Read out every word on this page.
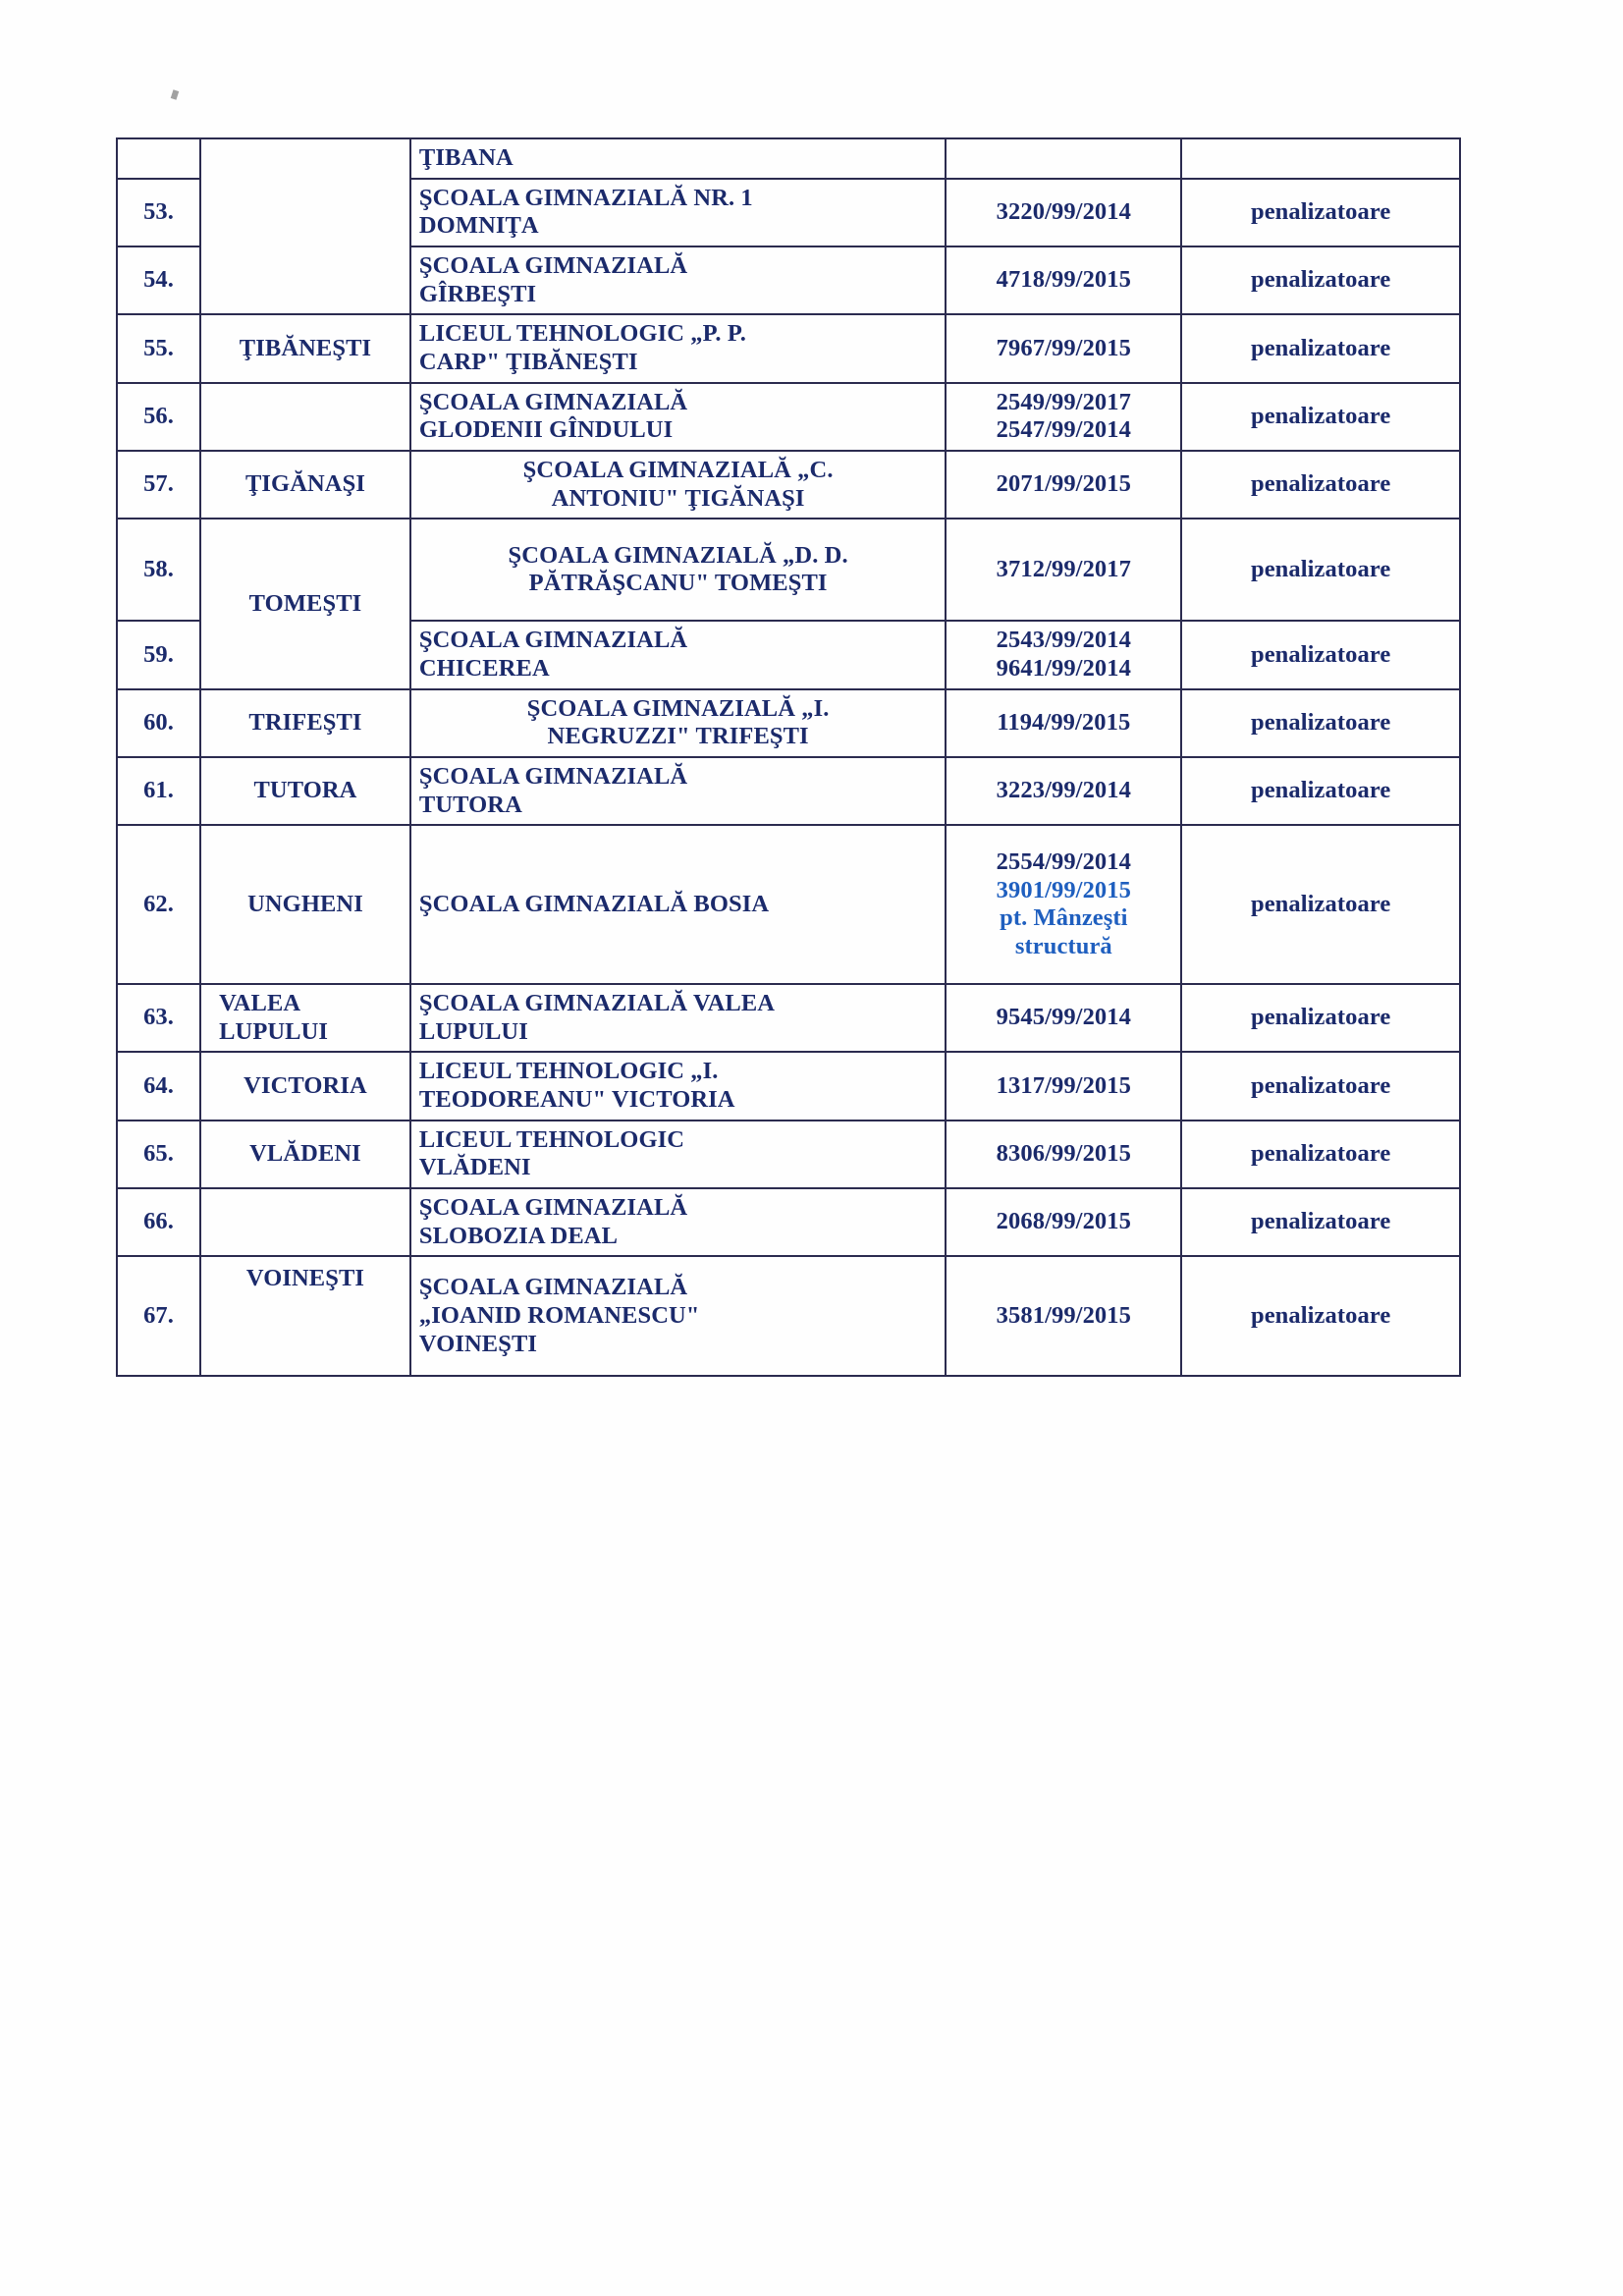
		ŢIBANA		

53.		ŞCOALA GIMNAZIALĂ NR. 1
DOMNIŢA	3220/99/2014	penalizatoare
54.		ŞCOALA GIMNAZIALĂ
GÎRBEŞTI	4718/99/2015	penalizatoare
55.	ŢIBĂNEŞTI	LICEUL TEHNOLOGIC „P. P.
CARP" ŢIBĂNEŞTI	7967/99/2015	penalizatoare
56.		ŞCOALA GIMNAZIALĂ
GLODENII GÎNDULUI	2549/99/2017
2547/99/2014	penalizatoare
57.	ŢIGĂNAŞI	ŞCOALA GIMNAZIALĂ „C.
ANTONIU" ŢIGĂNAŞI	2071/99/2015	penalizatoare
58.	TOMEŞTI	ŞCOALA GIMNAZIALĂ „D. D.
PĂTRĂŞCANU" TOMEŞTI	3712/99/2017	penalizatoare
59.		ŞCOALA GIMNAZIALĂ
CHICEREA	2543/99/2014
9641/99/2014	penalizatoare
60.	TRIFEŞTI	ŞCOALA GIMNAZIALĂ „I.
NEGRUZZI" TRIFEŞTI	1194/99/2015	penalizatoare
61.	TUTORA	ŞCOALA GIMNAZIALĂ
TUTORA	3223/99/2014	penalizatoare
62.	UNGHENI	ŞCOALA GIMNAZIALĂ BOSIA	2554/99/2014
3901/99/2015
pt. Mânzeşti
structură	penalizatoare
63.	VALEA
LUPULUI	ŞCOALA GIMNAZIALĂ VALEA
LUPULUI	9545/99/2014	penalizatoare
64.	VICTORIA	LICEUL TEHNOLOGIC „I.
TEODOREANU" VICTORIA	1317/99/2015	penalizatoare
65.	VLĂDENI	LICEUL TEHNOLOGIC
VLĂDENI	8306/99/2015	penalizatoare
66.		ŞCOALA GIMNAZIALĂ
SLOBOZIA DEAL	2068/99/2015	penalizatoare
67.	VOINEŞTI	ŞCOALA GIMNAZIALĂ
„IOANID ROMANESCU"
VOINEŞTI	3581/99/2015	penalizatoare
